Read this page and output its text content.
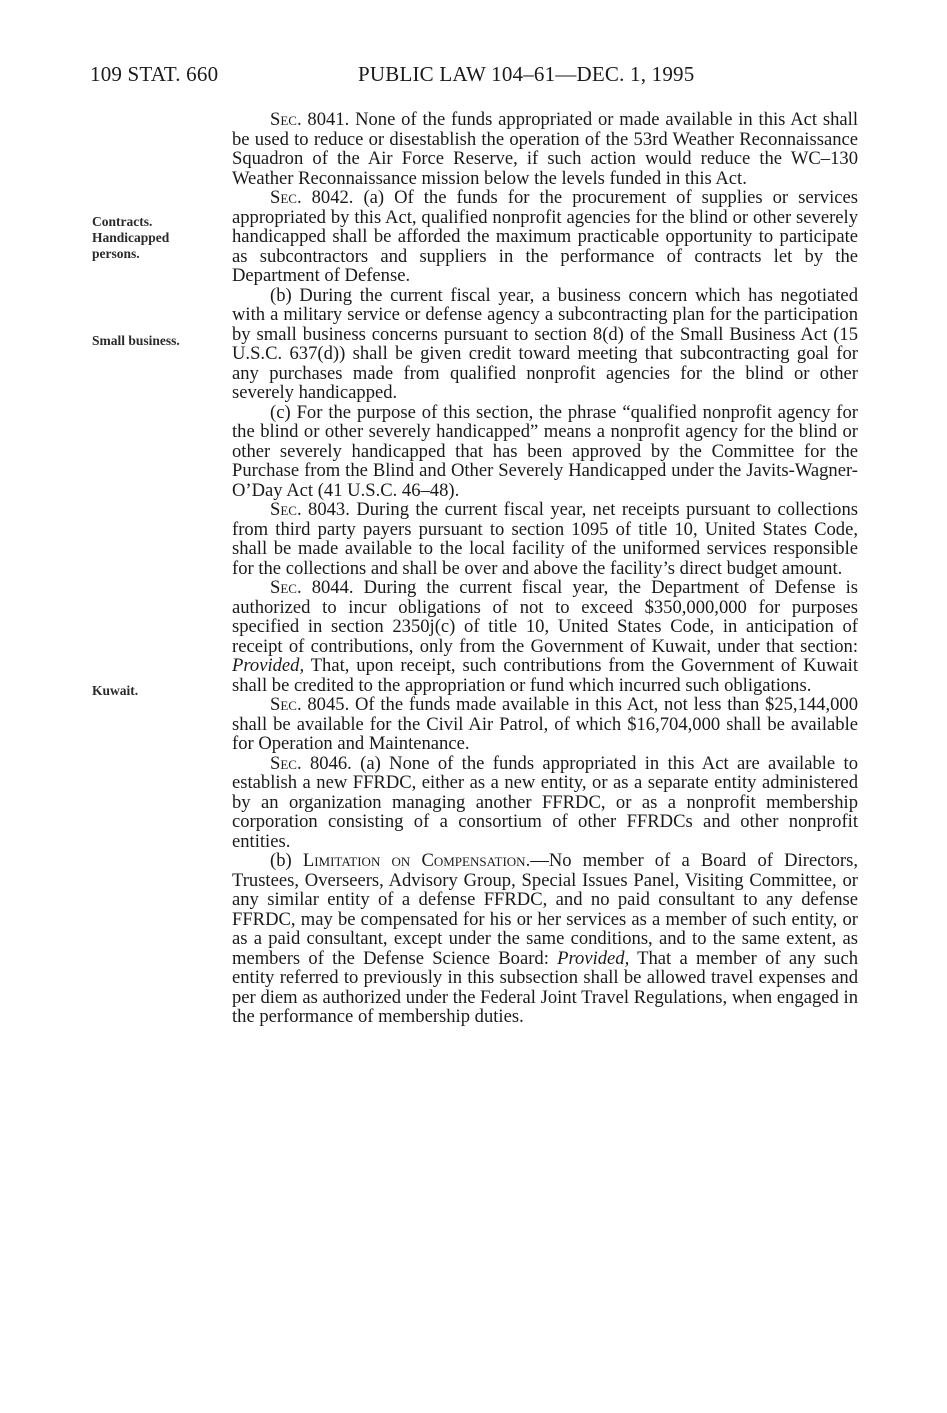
109 STAT. 660	PUBLIC LAW 104–61—DEC. 1, 1995
Contracts.
Handicapped
persons.
Small business.
Kuwait.

Sec. 8041. None of the funds appropriated or made available in this Act shall be used to reduce or disestablish the operation of the 53rd Weather Reconnaissance Squadron of the Air Force Reserve, if such action would reduce the WC–130 Weather Reconnaissance mission below the levels funded in this Act.

Sec. 8042. (a) Of the funds for the procurement of supplies or services appropriated by this Act, qualified nonprofit agencies for the blind or other severely handicapped shall be afforded the maximum practicable opportunity to participate as subcontractors and suppliers in the performance of contracts let by the Department of Defense.

(b) During the current fiscal year, a business concern which has negotiated with a military service or defense agency a subcontracting plan for the participation by small business concerns pursuant to section 8(d) of the Small Business Act (15 U.S.C. 637(d)) shall be given credit toward meeting that subcontracting goal for any purchases made from qualified nonprofit agencies for the blind or other severely handicapped.

(c) For the purpose of this section, the phrase “qualified nonprofit agency for the blind or other severely handicapped” means a nonprofit agency for the blind or other severely handicapped that has been approved by the Committee for the Purchase from the Blind and Other Severely Handicapped under the Javits-Wagner-O’Day Act (41 U.S.C. 46–48).

Sec. 8043. During the current fiscal year, net receipts pursuant to collections from third party payers pursuant to section 1095 of title 10, United States Code, shall be made available to the local facility of the uniformed services responsible for the collections and shall be over and above the facility’s direct budget amount.

Sec. 8044. During the current fiscal year, the Department of Defense is authorized to incur obligations of not to exceed $350,000,000 for purposes specified in section 2350j(c) of title 10, United States Code, in anticipation of receipt of contributions, only from the Government of Kuwait, under that section: Provided, That, upon receipt, such contributions from the Government of Kuwait shall be credited to the appropriation or fund which incurred such obligations.

Sec. 8045. Of the funds made available in this Act, not less than $25,144,000 shall be available for the Civil Air Patrol, of which $16,704,000 shall be available for Operation and Maintenance.

Sec. 8046. (a) None of the funds appropriated in this Act are available to establish a new FFRDC, either as a new entity, or as a separate entity administered by an organization managing another FFRDC, or as a nonprofit membership corporation consisting of a consortium of other FFRDCs and other nonprofit entities.

(b) Limitation on Compensation.—No member of a Board of Directors, Trustees, Overseers, Advisory Group, Special Issues Panel, Visiting Committee, or any similar entity of a defense FFRDC, and no paid consultant to any defense FFRDC, may be compensated for his or her services as a member of such entity, or as a paid consultant, except under the same conditions, and to the same extent, as members of the Defense Science Board: Provided, That a member of any such entity referred to previously in this subsection shall be allowed travel expenses and per diem as authorized under the Federal Joint Travel Regulations, when engaged in the performance of membership duties.
